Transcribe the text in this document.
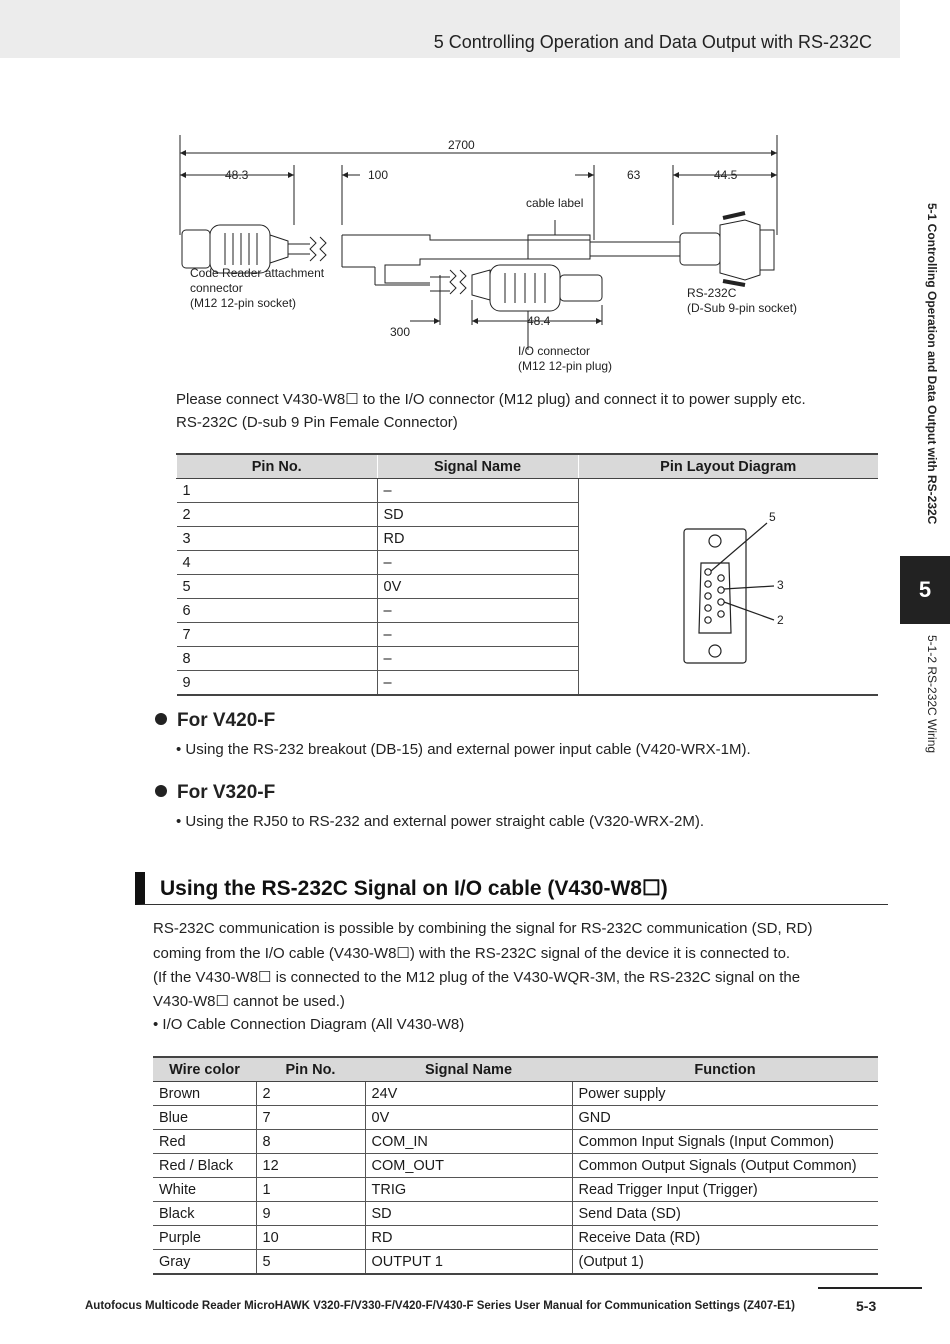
5 Controlling Operation and Data Output with RS-232C
5-1 Controlling Operation and Data Output with RS-232C
5
5-1-2 RS-232C Wiring
2700
48.3	100	63	44.5
300
48.4
cable label
Code Reader attachment
connector
(M12 12-pin socket)
RS-232C
(D-Sub 9-pin socket)
I/O connector
(M12 12-pin plug)
Please connect V430-W8☐ to the I/O connector (M12 plug) and connect it to power supply etc.
RS-232C (D-sub 9 Pin Female Connector)
Pin No.	Signal Name	Pin Layout Diagram
1	–	5
3
2

2	SD	
3	RD	
4	–	
5	0V	
6	–	
7	–	
8	–	
9	–	
For V420-F
• Using the RS-232 breakout (DB-15) and external power input cable (V420-WRX-1M).
For V320-F
• Using the RJ50 to RS-232 and external power straight cable (V320-WRX-2M).
Using the RS-232C Signal on I/O cable (V430-W8☐)
RS-232C communication is possible by combining the signal for RS-232C communication (SD, RD)
coming from the I/O cable (V430-W8☐) with the RS-232C signal of the device it is connected to.
(If the V430-W8☐ is connected to the M12 plug of the V430-WQR-3M, the RS-232C signal on the
V430-W8☐ cannot be used.)
• I/O Cable Connection Diagram (All V430-W8)
Wire color	Pin No.	Signal Name	Function
Brown	2	24V	Power supply
Blue	7	0V	GND
Red	8	COM_IN	Common Input Signals (Input Common)
Red / Black	12	COM_OUT	Common Output Signals (Output Common)
White	1	TRIG	Read Trigger Input (Trigger)
Black	9	SD	Send Data (SD)
Purple	10	RD	Receive Data (RD)
Gray	5	OUTPUT 1	(Output 1)
Autofocus Multicode Reader MicroHAWK V320-F/V330-F/V420-F/V430-F Series User Manual for Communication Settings (Z407-E1)	5-3
